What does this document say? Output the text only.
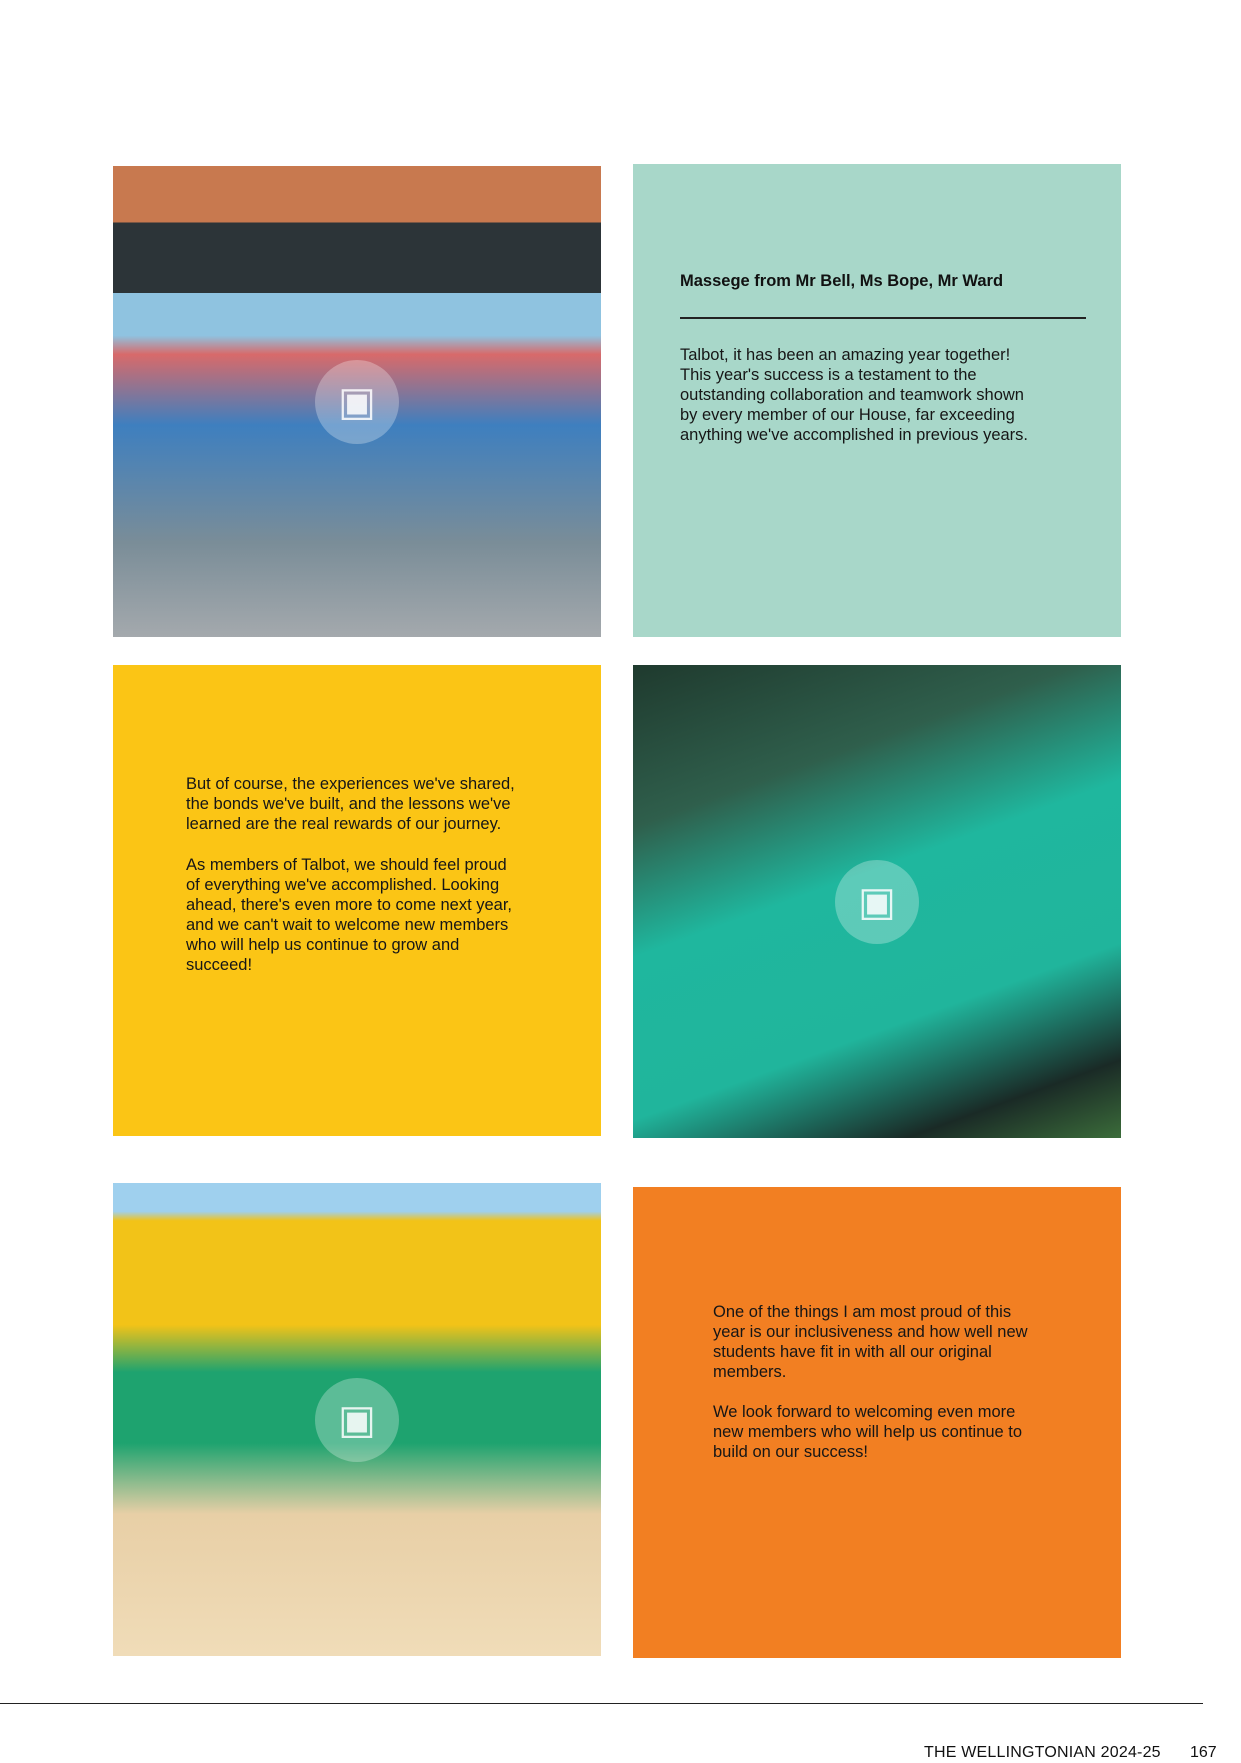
▣
Massege from Mr Bell, Ms Bope, Mr Ward
Talbot, it has been an amazing year together!
This year's success is a testament to the
outstanding collaboration and teamwork shown
by every member of our House, far exceeding
anything we've accomplished in previous years.
But of course, the experiences we've shared,
the bonds we've built, and the lessons we've
learned are the real rewards of our journey.
As members of Talbot, we should feel proud
of everything we've accomplished. Looking
ahead, there's even more to come next year,
and we can't wait to welcome new members
who will help us continue to grow and
succeed!
▣
▣
One of the things I am most proud of this
year is our inclusiveness and how well new
students have fit in with all our original
members.
We look forward to welcoming even more
new members who will help us continue to
build on our success!
THE WELLINGTONIAN 2024-25 167
